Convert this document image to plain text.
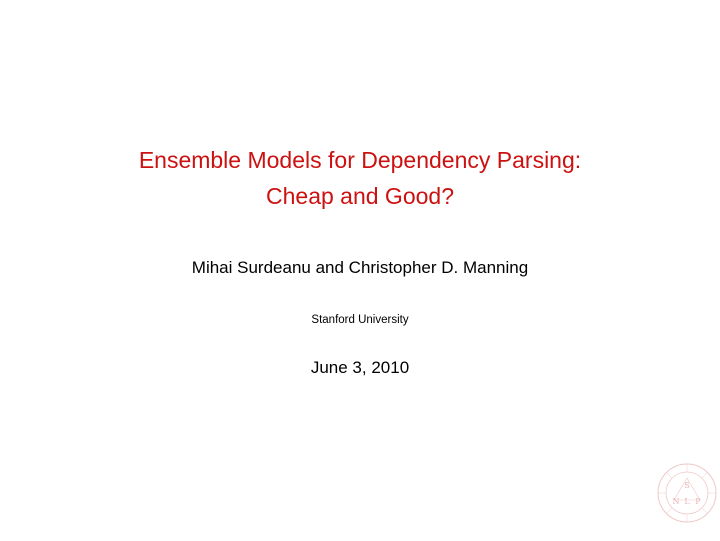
Ensemble Models for Dependency Parsing:
Cheap and Good?
Mihai Surdeanu and Christopher D. Manning
Stanford University
June 3, 2010
S
N L P
